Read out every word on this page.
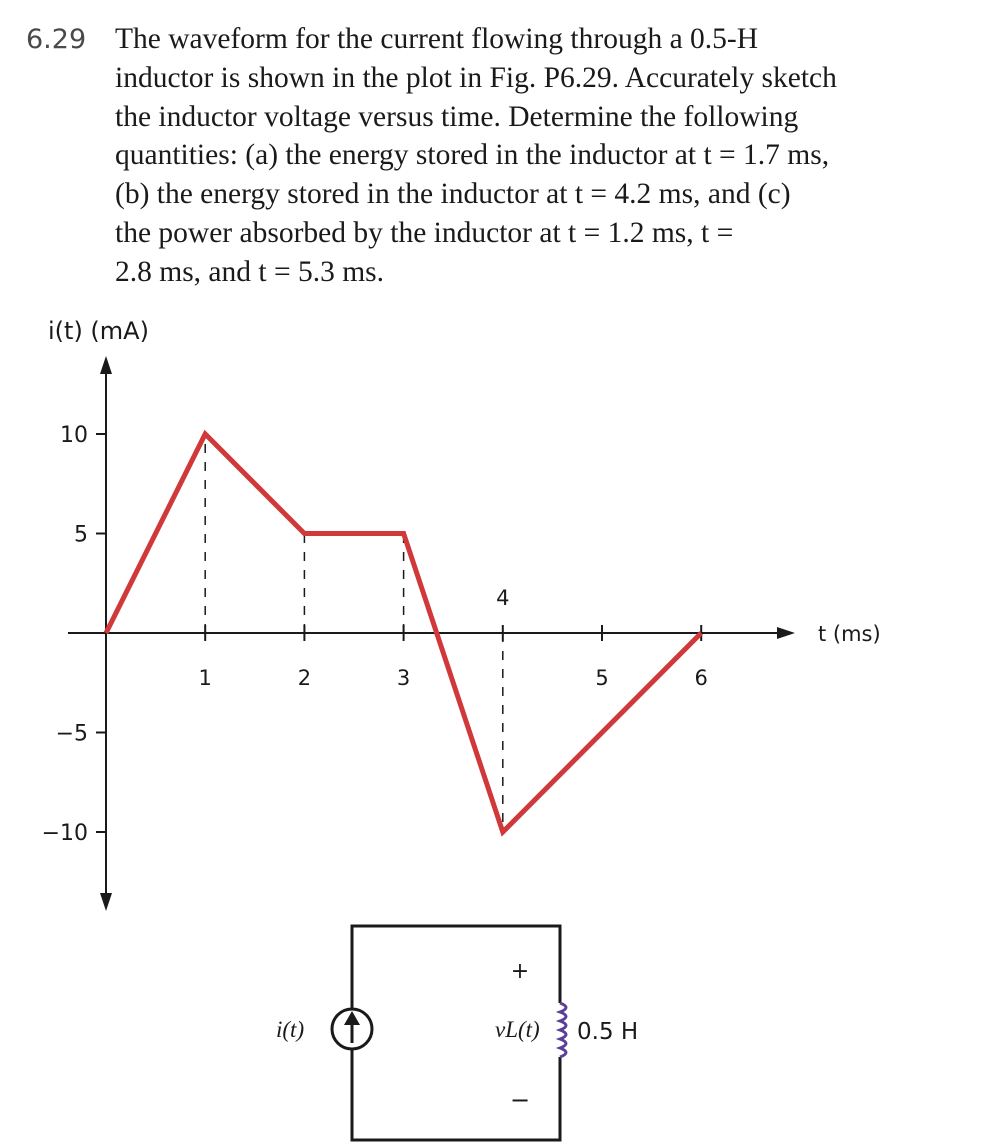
6.29 The waveform for the current flowing through a 0.5-H
inductor is shown in the plot in Fig. P6.29. Accurately sketch
the inductor voltage versus time. Determine the following
quantities: (a) the energy stored in the inductor at t = 1.7 ms,
(b) the energy stored in the inductor at t = 4.2 ms, and (c)
the power absorbed by the inductor at t = 1.2 ms, t =
2.8 ms, and t = 5.3 ms.
i(t) (mA)
t (ms)
1	2	3
4
5	6
10
5
−5
−10
i(t)
+
vL(t)
−
0.5 H
